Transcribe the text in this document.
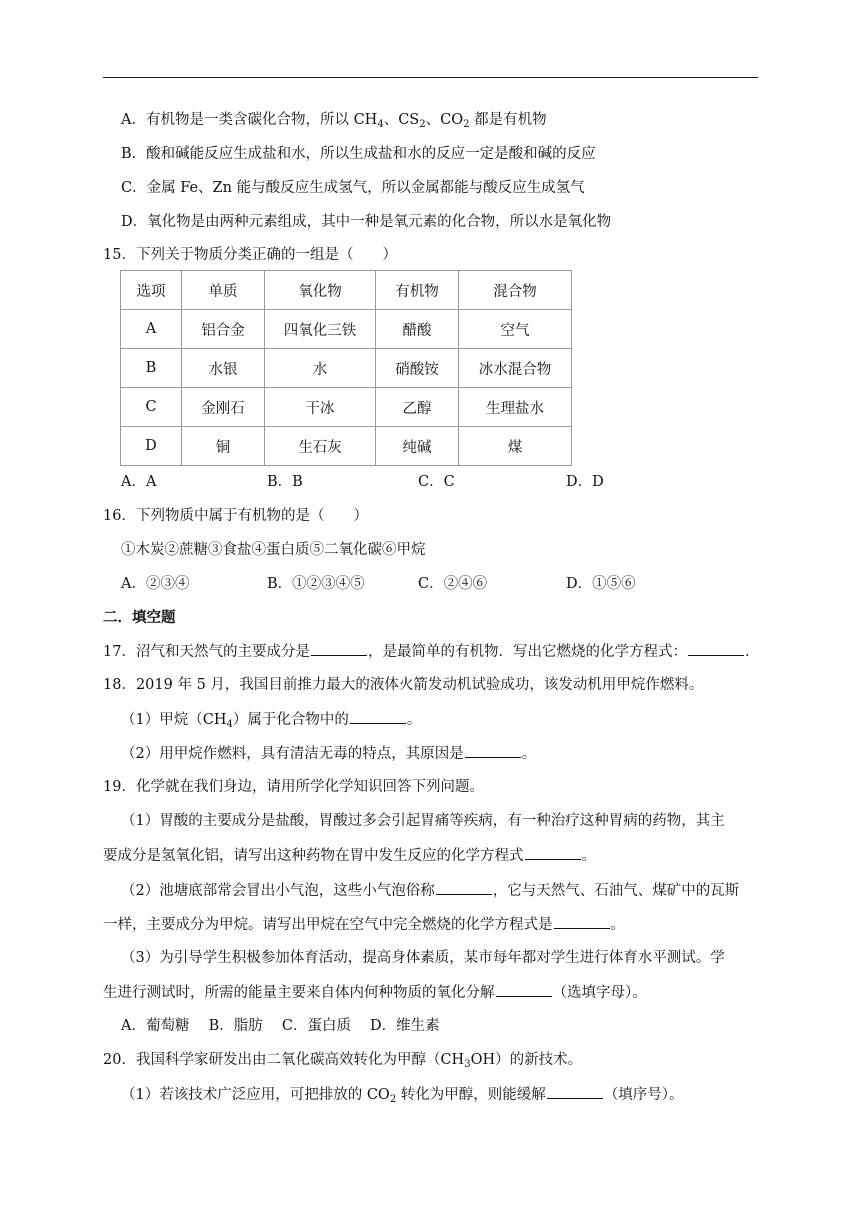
A．有机物是一类含碳化合物，所以 $CH_4$、$CS_2$、$CO_2$ 都是有机物
B．酸和碱能反应生成盐和水，所以生成盐和水的反应一定是酸和碱的反应
C．金属 Fe、Zn 能与酸反应生成氢气，所以金属都能与酸反应生成氢气
D．氧化物是由两种元素组成，其中一种是氧元素的化合物，所以水是氧化物
15．下列关于物质分类正确的一组是（　　）
选项	单质	氧化物	有机物	混合物
A	铝合金	四氧化三铁	醋酸	空气
B	水银	水	硝酸铵	冰水混合物
C	金刚石	干冰	乙醇	生理盐水
D	铜	生石灰	纯碱	煤
A．A	B．B	C．C	D．D
16．下列物质中属于有机物的是（　　）
①木炭②蔗糖③食盐④蛋白质⑤二氧化碳⑥甲烷
A．②③④	B．①②③④⑤	C．②④⑥	D．①⑤⑥
二．填空题
17．沼气和天然气的主要成分是	，是最简单的有机物．写出它燃烧的化学方程式：	．
18．2019 年 5 月，我国目前推力最大的液体火箭发动机试验成功，该发动机用甲烷作燃料。
（1）甲烷$(CH_4)$属于化合物中的	。
（2）用甲烷作燃料，具有清洁无毒的特点，其原因是	。
19．化学就在我们身边，请用所学化学知识回答下列问题。
（1）胃酸的主要成分是盐酸，胃酸过多会引起胃痛等疾病，有一种治疗这种胃病的药物，其主
要成分是氢氧化铝，请写出这种药物在胃中发生反应的化学方程式	。
（2）池塘底部常会冒出小气泡，这些小气泡俗称	，它与天然气、石油气、煤矿中的瓦斯
一样，主要成分为甲烷。请写出甲烷在空气中完全燃烧的化学方程式是	。
（3）为引导学生积极参加体育活动，提高身体素质，某市每年都对学生进行体育水平测试。学
生进行测试时，所需的能量主要来自体内何种物质的氧化分解	（选填字母）。
A．葡萄糖　 B．脂肪　 C．蛋白质　 D．维生素
20．我国科学家研发出由二氧化碳高效转化为甲醇$(CH_3OH)$的新技术。
（1）若该技术广泛应用，可把排放的 $CO_2$ 转化为甲醇，则能缓解	（填序号）。
